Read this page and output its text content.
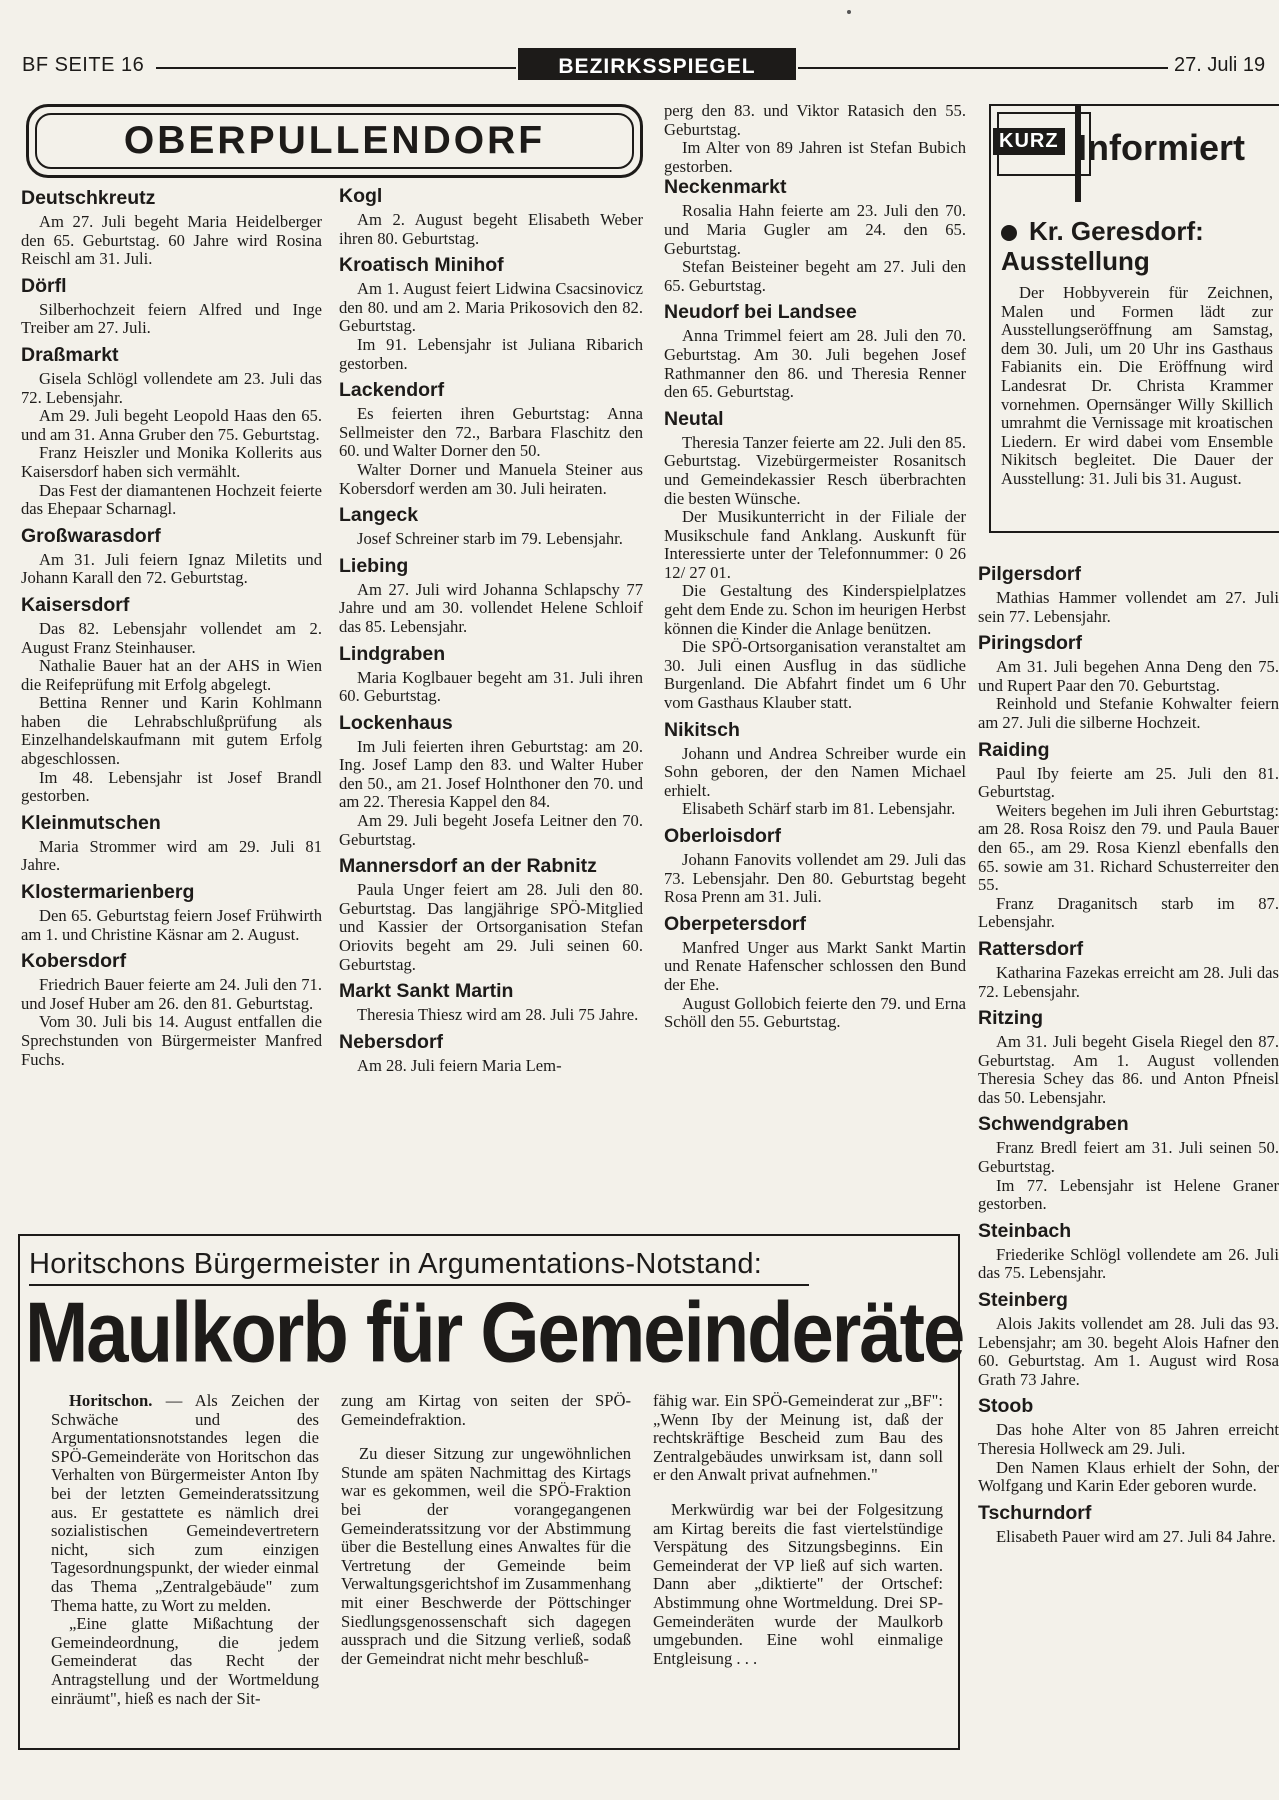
BF SEITE 16	BEZIRKSSPIEGEL	27. Juli 19
OBERPULLENDORF
Deutschkreutz

Am 27. Juli begeht Maria Heidelberger den 65. Geburtstag. 60 Jahre wird Rosina Reischl am 31. Juli.

Dörfl

Silberhochzeit feiern Alfred und Inge Treiber am 27. Juli.

Draßmarkt

Gisela Schlögl vollendete am 23. Juli das 72. Lebensjahr.

Am 29. Juli begeht Leopold Haas den 65. und am 31. Anna Gruber den 75. Geburtstag.

Franz Heiszler und Monika Kollerits aus Kaisersdorf haben sich vermählt.

Das Fest der diamantenen Hochzeit feierte das Ehepaar Scharnagl.

Großwarasdorf

Am 31. Juli feiern Ignaz Miletits und Johann Karall den 72. Geburtstag.

Kaisersdorf

Das 82. Lebensjahr vollendet am 2. August Franz Steinhauser.

Nathalie Bauer hat an der AHS in Wien die Reifeprüfung mit Erfolg abgelegt.

Bettina Renner und Karin Kohlmann haben die Lehrabschlußprüfung als Einzelhandelskaufmann mit gutem Erfolg abgeschlossen.

Im 48. Lebensjahr ist Josef Brandl gestorben.

Kleinmutschen

Maria Strommer wird am 29. Juli 81 Jahre.

Klostermarienberg

Den 65. Geburtstag feiern Josef Frühwirth am 1. und Christine Käsnar am 2. August.

Kobersdorf

Friedrich Bauer feierte am 24. Juli den 71. und Josef Huber am 26. den 81. Geburtstag.

Vom 30. Juli bis 14. August entfallen die Sprechstunden von Bürgermeister Manfred Fuchs.

Kogl

Am 2. August begeht Elisabeth Weber ihren 80. Geburtstag.

Kroatisch Minihof

Am 1. August feiert Lidwina Csacsinovicz den 80. und am 2. Maria Prikosovich den 82. Geburtstag.

Im 91. Lebensjahr ist Juliana Ribarich gestorben.

Lackendorf

Es feierten ihren Geburtstag: Anna Sellmeister den 72., Barbara Flaschitz den 60. und Walter Dorner den 50.

Walter Dorner und Manuela Steiner aus Kobersdorf werden am 30. Juli heiraten.

Langeck

Josef Schreiner starb im 79. Lebensjahr.

Liebing

Am 27. Juli wird Johanna Schlapschy 77 Jahre und am 30. vollendet Helene Schloif das 85. Lebensjahr.

Lindgraben

Maria Koglbauer begeht am 31. Juli ihren 60. Geburtstag.

Lockenhaus

Im Juli feierten ihren Geburtstag: am 20. Ing. Josef Lamp den 83. und Walter Huber den 50., am 21. Josef Holnthoner den 70. und am 22. Theresia Kappel den 84.

Am 29. Juli begeht Josefa Leitner den 70. Geburtstag.

Mannersdorf an der Rabnitz

Paula Unger feiert am 28. Juli den 80. Geburtstag. Das langjährige SPÖ-Mitglied und Kassier der Ortsorganisation Stefan Oriovits begeht am 29. Juli seinen 60. Geburtstag.

Markt Sankt Martin

Theresia Thiesz wird am 28. Juli 75 Jahre.

Nebersdorf

Am 28. Juli feiern Maria Lem-

perg den 83. und Viktor Ratasich den 55. Geburtstag.

Im Alter von 89 Jahren ist Stefan Bubich gestorben.

Neckenmarkt

Rosalia Hahn feierte am 23. Juli den 70. und Maria Gugler am 24. den 65. Geburtstag.

Stefan Beisteiner begeht am 27. Juli den 65. Geburtstag.

Neudorf bei Landsee

Anna Trimmel feiert am 28. Juli den 70. Geburtstag. Am 30. Juli begehen Josef Rathmanner den 86. und Theresia Renner den 65. Geburtstag.

Neutal

Theresia Tanzer feierte am 22. Juli den 85. Geburtstag. Vizebürgermeister Rosanitsch und Gemeindekassier Resch überbrachten die besten Wünsche.

Der Musikunterricht in der Filiale der Musikschule fand Anklang. Auskunft für Interessierte unter der Telefonnummer: 0 26 12/ 27 01.

Die Gestaltung des Kinderspielplatzes geht dem Ende zu. Schon im heurigen Herbst können die Kinder die Anlage benützen.

Die SPÖ-Ortsorganisation veranstaltet am 30. Juli einen Ausflug in das südliche Burgenland. Die Abfahrt findet um 6 Uhr vom Gasthaus Klauber statt.

Nikitsch

Johann und Andrea Schreiber wurde ein Sohn geboren, der den Namen Michael erhielt.

Elisabeth Schärf starb im 81. Lebensjahr.

Oberloisdorf

Johann Fanovits vollendet am 29. Juli das 73. Lebensjahr. Den 80. Geburtstag begeht Rosa Prenn am 31. Juli.

Oberpetersdorf

Manfred Unger aus Markt Sankt Martin und Renate Hafenscher schlossen den Bund der Ehe.

August Gollobich feierte den 79. und Erna Schöll den 55. Geburtstag.

KURZ Informiert
Kr. Geresdorf: Ausstellung

Der Hobbyverein für Zeichnen, Malen und Formen lädt zur Ausstellungseröffnung am Samstag, dem 30. Juli, um 20 Uhr ins Gasthaus Fabianits ein. Die Eröffnung wird Landesrat Dr. Christa Krammer vornehmen. Opernsänger Willy Skillich umrahmt die Vernissage mit kroatischen Liedern. Er wird dabei vom Ensemble Nikitsch begleitet. Die Dauer der Ausstellung: 31. Juli bis 31. August.

Pilgersdorf

Mathias Hammer vollendet am 27. Juli sein 77. Lebensjahr.

Piringsdorf

Am 31. Juli begehen Anna Deng den 75. und Rupert Paar den 70. Geburtstag.

Reinhold und Stefanie Kohwalter feiern am 27. Juli die silberne Hochzeit.

Raiding

Paul Iby feierte am 25. Juli den 81. Geburtstag.

Weiters begehen im Juli ihren Geburtstag: am 28. Rosa Roisz den 79. und Paula Bauer den 65., am 29. Rosa Kienzl ebenfalls den 65. sowie am 31. Richard Schusterreiter den 55.

Franz Draganitsch starb im 87. Lebensjahr.

Rattersdorf

Katharina Fazekas erreicht am 28. Juli das 72. Lebensjahr.

Ritzing

Am 31. Juli begeht Gisela Riegel den 87. Geburtstag. Am 1. August vollenden Theresia Schey das 86. und Anton Pfneisl das 50. Lebensjahr.

Schwendgraben

Franz Bredl feiert am 31. Juli seinen 50. Geburtstag.

Im 77. Lebensjahr ist Helene Graner gestorben.

Steinbach

Friederike Schlögl vollendete am 26. Juli das 75. Lebensjahr.

Steinberg

Alois Jakits vollendet am 28. Juli das 93. Lebensjahr; am 30. begeht Alois Hafner den 60. Geburtstag. Am 1. August wird Rosa Grath 73 Jahre.

Stoob

Das hohe Alter von 85 Jahren erreicht Theresia Hollweck am 29. Juli.

Den Namen Klaus erhielt der Sohn, der Wolfgang und Karin Eder geboren wurde.

Tschurndorf

Elisabeth Pauer wird am 27. Juli 84 Jahre.

Horitschons Bürgermeister in Argumentations-Notstand:
Maulkorb für Gemeinderäte

Horitschon. — Als Zeichen der Schwäche und des Argumentationsnotstandes legen die SPÖ-Gemeinderäte von Horitschon das Verhalten von Bürgermeister Anton Iby bei der letzten Gemeinderatssitzung aus. Er gestattete es nämlich drei sozialistischen Gemeindevertretern nicht, sich zum einzigen Tagesordnungspunkt, der wieder einmal das Thema „Zentralgebäude" zum Thema hatte, zu Wort zu melden.

„Eine glatte Mißachtung der Gemeindeordnung, die jedem Gemeinderat das Recht der Antragstellung und der Wortmeldung einräumt", hieß es nach der Sit-

zung am Kirtag von seiten der SPÖ-Gemeindefraktion.

Zu dieser Sitzung zur ungewöhnlichen Stunde am späten Nachmittag des Kirtags war es gekommen, weil die SPÖ-Fraktion bei der vorangegangenen Gemeinderatssitzung vor der Abstimmung über die Bestellung eines Anwaltes für die Vertretung der Gemeinde beim Verwaltungsgerichtshof im Zusammenhang mit einer Beschwerde der Pöttschinger Siedlungsgenossenschaft sich dagegen aussprach und die Sitzung verließ, sodaß der Gemeindrat nicht mehr beschluß-

fähig war. Ein SPÖ-Gemeinderat zur „BF": „Wenn Iby der Meinung ist, daß der rechtskräftige Bescheid zum Bau des Zentralgebäudes unwirksam ist, dann soll er den Anwalt privat aufnehmen."

Merkwürdig war bei der Folgesitzung am Kirtag bereits die fast viertelstündige Verspätung des Sitzungsbeginns. Ein Gemeinderat der VP ließ auf sich warten. Dann aber „diktierte" der Ortschef: Abstimmung ohne Wortmeldung. Drei SP-Gemeinderäten wurde der Maulkorb umgebunden. Eine wohl einmalige Entgleisung . . .
